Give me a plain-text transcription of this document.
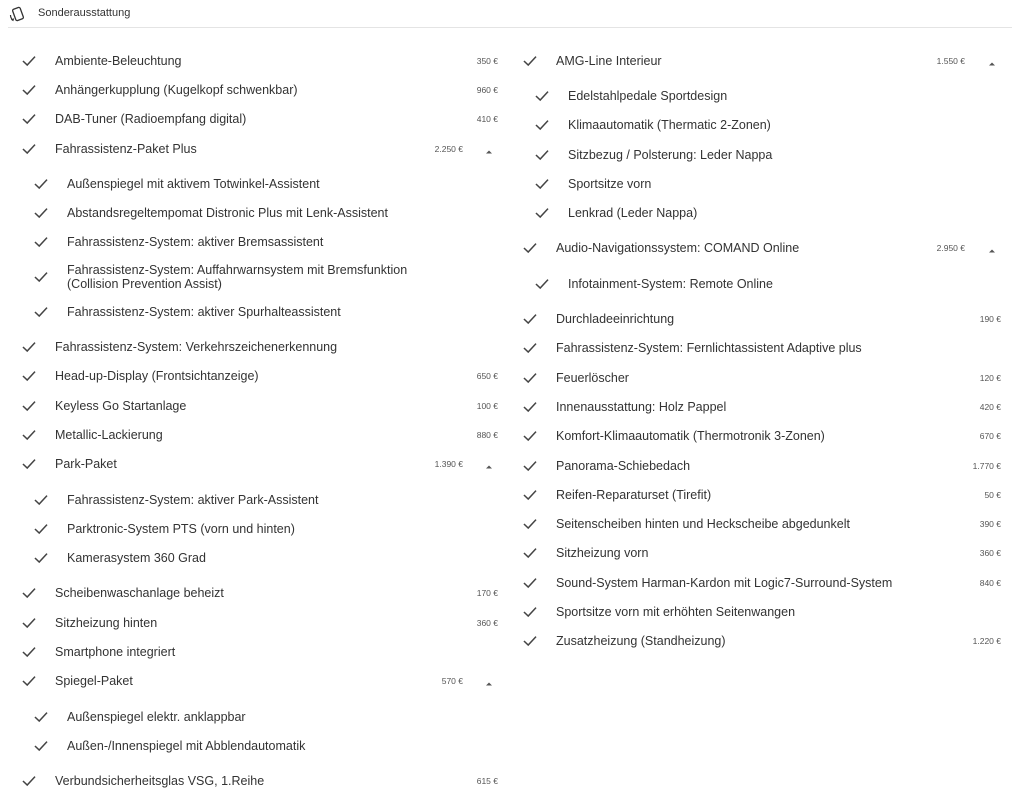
Sonderausstattung
Ambiente-Beleuchtung	350 €
Anhängerkupplung (Kugelkopf schwenkbar)	960 €
DAB-Tuner (Radioempfang digital)	410 €
Fahrassistenz-Paket Plus	2.250 €
Außenspiegel mit aktivem Totwinkel-Assistent
Abstandsregeltempomat Distronic Plus mit Lenk-Assistent
Fahrassistenz-System: aktiver Bremsassistent
Fahrassistenz-System: Auffahrwarnsystem mit Bremsfunktion (Collision Prevention Assist)
Fahrassistenz-System: aktiver Spurhalteassistent
Fahrassistenz-System: Verkehrszeichenerkennung
Head-up-Display (Frontsichtanzeige)	650 €
Keyless Go Startanlage	100 €
Metallic-Lackierung	880 €
Park-Paket	1.390 €
Fahrassistenz-System: aktiver Park-Assistent
Parktronic-System PTS (vorn und hinten)
Kamerasystem 360 Grad
Scheibenwaschanlage beheizt	170 €
Sitzheizung hinten	360 €
Smartphone integriert
Spiegel-Paket	570 €
Außenspiegel elektr. anklappbar
Außen-/Innenspiegel mit Abblendautomatik
Verbundsicherheitsglas VSG, 1.Reihe	615 €
AMG-Line Interieur	1.550 €
Edelstahlpedale Sportdesign
Klimaautomatik (Thermatic 2-Zonen)
Sitzbezug / Polsterung: Leder Nappa
Sportsitze vorn
Lenkrad (Leder Nappa)
Audio-Navigationssystem: COMAND Online	2.950 €
Infotainment-System: Remote Online
Durchladeeinrichtung	190 €
Fahrassistenz-System: Fernlichtassistent Adaptive plus
Feuerlöscher	120 €
Innenausstattung: Holz Pappel	420 €
Komfort-Klimaautomatik (Thermotronik 3-Zonen)	670 €
Panorama-Schiebedach	1.770 €
Reifen-Reparaturset (Tirefit)	50 €
Seitenscheiben hinten und Heckscheibe abgedunkelt	390 €
Sitzheizung vorn	360 €
Sound-System Harman-Kardon mit Logic7-Surround-System	840 €
Sportsitze vorn mit erhöhten Seitenwangen
Zusatzheizung (Standheizung)	1.220 €
